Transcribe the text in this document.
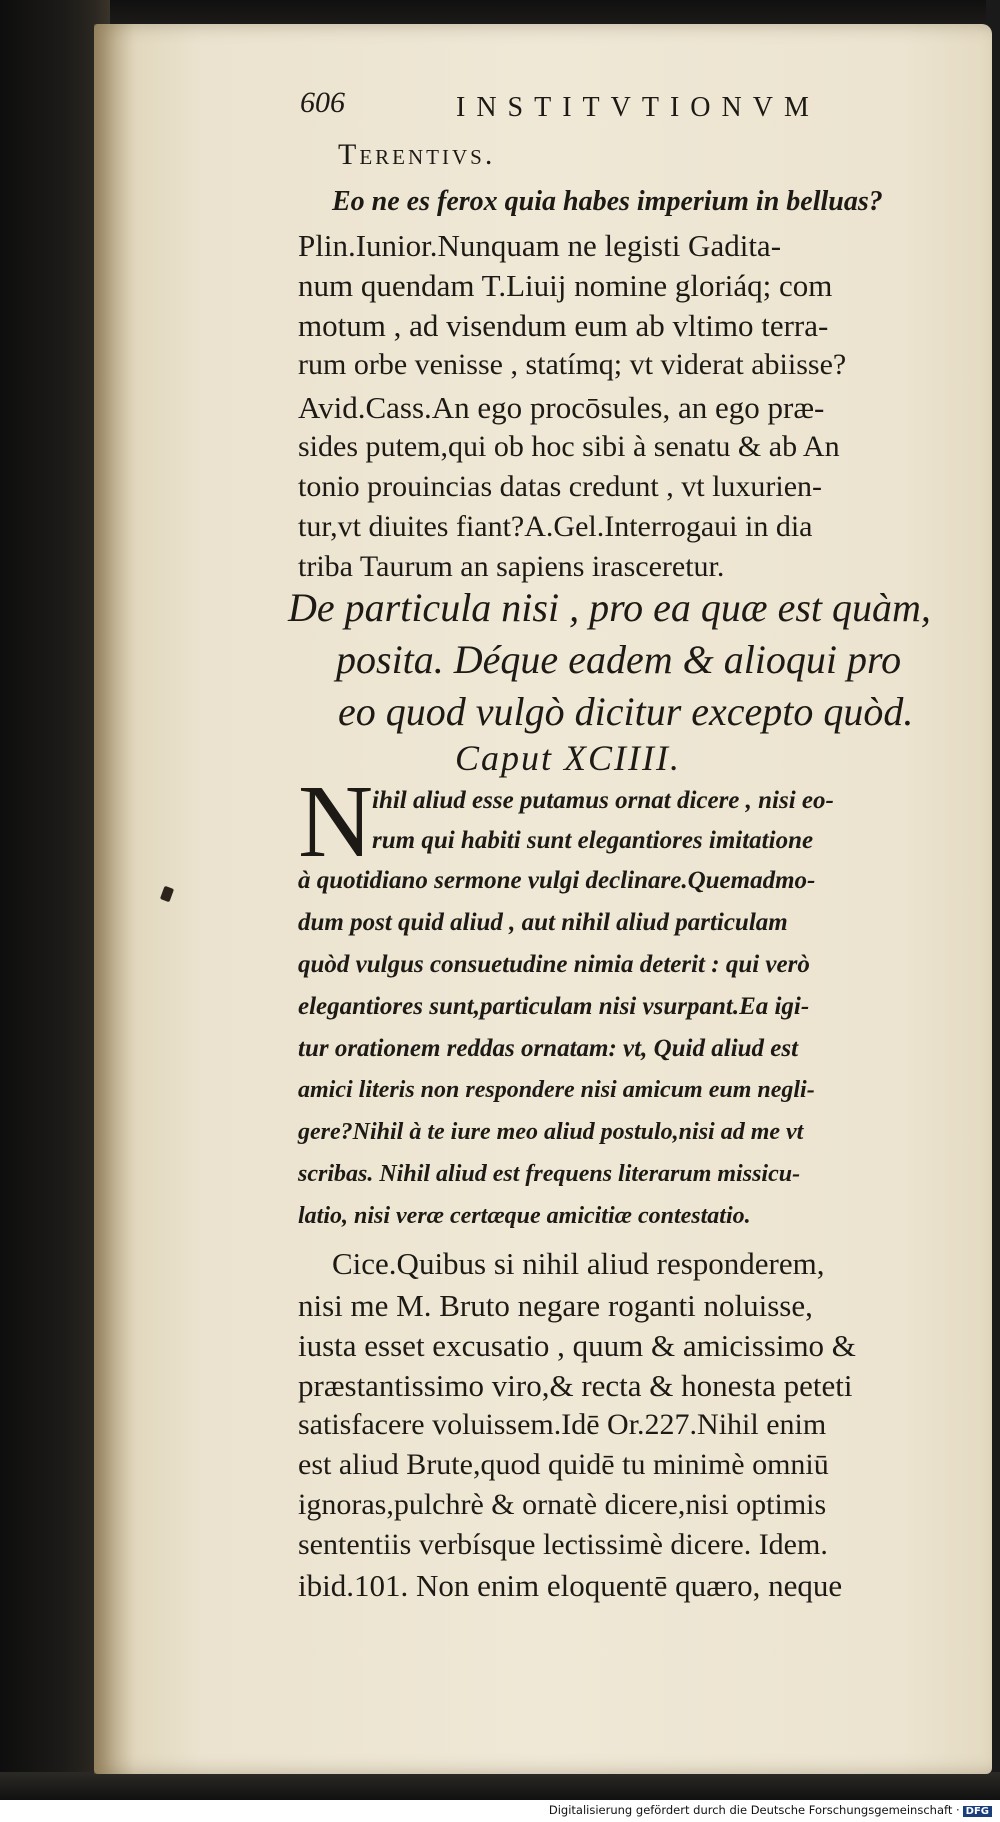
606	INSTITVTIONVM
Terentivs.
Eo ne es ferox quia habes imperium in belluas?
Plin.Iunior.Nunquam ne legisti Gadita-
num quendam T.Liuij nomine gloriáq; com
motum , ad visendum eum ab vltimo terra-
rum orbe venisse , statímq; vt viderat abiisse?
Avid.Cass.An ego procōsules, an ego præ-
sides putem,qui ob hoc sibi à senatu & ab An
tonio prouincias datas credunt , vt luxurien-
tur,vt diuites fiant?A.Gel.Interrogaui in dia
triba Taurum an sapiens irasceretur.
De particula nisi , pro ea quæ est quàm,
posita. Déque eadem & alioqui pro
eo quod vulgò dicitur excepto quòd.
Caput XCIIII.
N
ihil aliud esse putamus ornat dicere , nisi eo-
rum qui habiti sunt elegantiores imitatione
à quotidiano sermone vulgi declinare.Quemadmo-
dum post quid aliud , aut nihil aliud particulam
quòd vulgus consuetudine nimia deterit : qui verò
elegantiores sunt,particulam nisi vsurpant.Ea igi-
tur orationem reddas ornatam: vt, Quid aliud est
amici literis non respondere nisi amicum eum negli-
gere?Nihil à te iure meo aliud postulo,nisi ad me vt
scribas. Nihil aliud est frequens literarum missicu-
latio, nisi veræ certæque amicitiæ contestatio.
Cice.Quibus si nihil aliud responderem,
nisi me M. Bruto negare roganti noluisse,
iusta esset excusatio , quum & amicissimo &
præstantissimo viro,& recta & honesta peteti
satisfacere voluissem.Idē Or.227.Nihil enim
est aliud Brute,quod quidē tu minimè omniū
ignoras,pulchrè & ornatè dicere,nisi optimis
sententiis verbísque lectissimè dicere. Idem.
ibid.101. Non enim eloquentē quæro, neque
Digitalisierung gefördert durch die Deutsche Forschungsgemeinschaft · DFG
